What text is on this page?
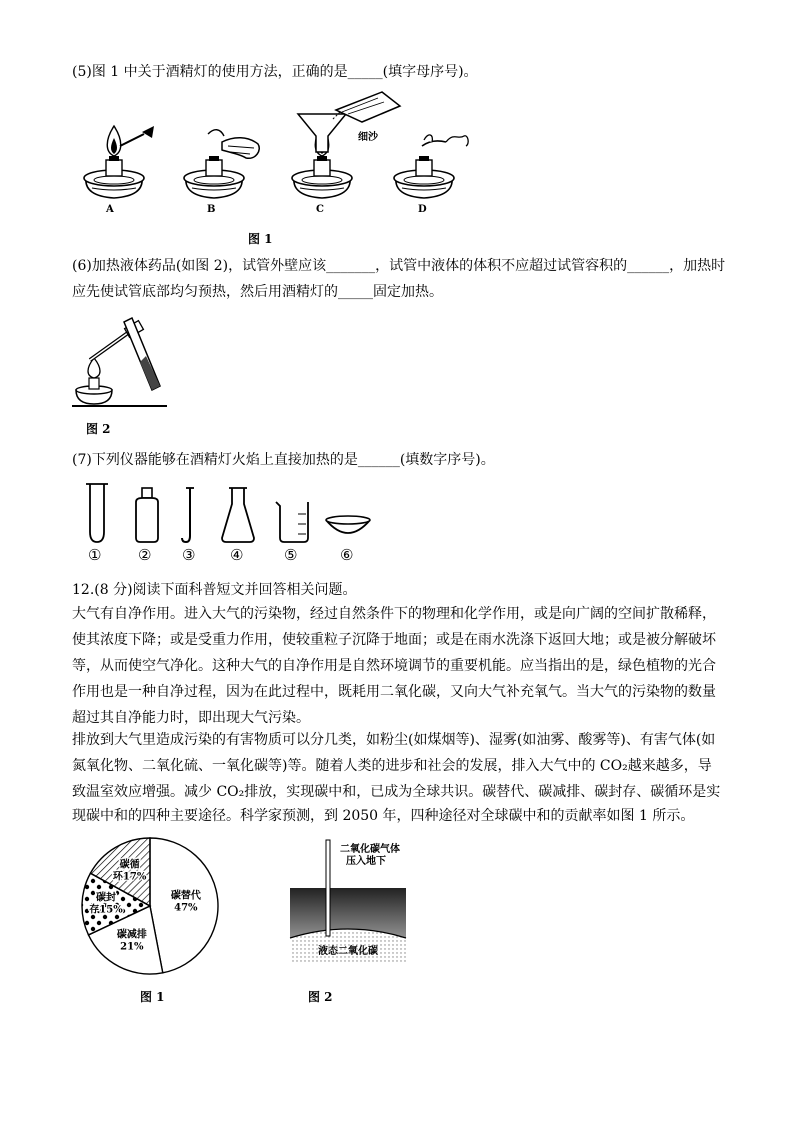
(5)图 1 中关于酒精灯的使用方法，正确的是_____(填字母序号)。
细沙
A	B	C	D
图 1
(6)加热液体药品(如图 2)，试管外壁应该_______，试管中液体的体积不应超过试管容积的______，加热时
应先使试管底部均匀预热，然后用酒精灯的_____固定加热。
图 2
(7)下列仪器能够在酒精灯火焰上直接加热的是______(填数字序号)。
① ② ③ ④	⑤	⑥
12.(8 分)阅读下面科普短文并回答相关问题。
大气有自净作用。进入大气的污染物，经过自然条件下的物理和化学作用，或是向广阔的空间扩散稀释，
使其浓度下降；或是受重力作用，使较重粒子沉降于地面；或是在雨水洗涤下返回大地；或是被分解破坏
等，从而使空气净化。这种大气的自净作用是自然环境调节的重要机能。应当指出的是，绿色植物的光合
作用也是一种自净过程，因为在此过程中，既耗用二氧化碳，又向大气补充氧气。当大气的污染物的数量
超过其自净能力时，即出现大气污染。
排放到大气里造成污染的有害物质可以分几类，如粉尘(如煤烟等)、湿雾(如油雾、酸雾等)、有害气体(如
氮氧化物、二氧化硫、一氧化碳等)等。随着人类的进步和社会的发展，排入大气中的 CO₂越来越多，导
致温室效应增强。减少 CO₂排放，实现碳中和，已成为全球共识。碳替代、碳减排、碳封存、碳循环是实
现碳中和的四种主要途径。科学家预测，到 2050 年，四种途径对全球碳中和的贡献率如图 1 所示。
碳替代
47%
碳减排
21%
碳封
存15%
碳循
环17%
图 1
二氧化碳气体
压入地下
液态二氧化碳
图 2
